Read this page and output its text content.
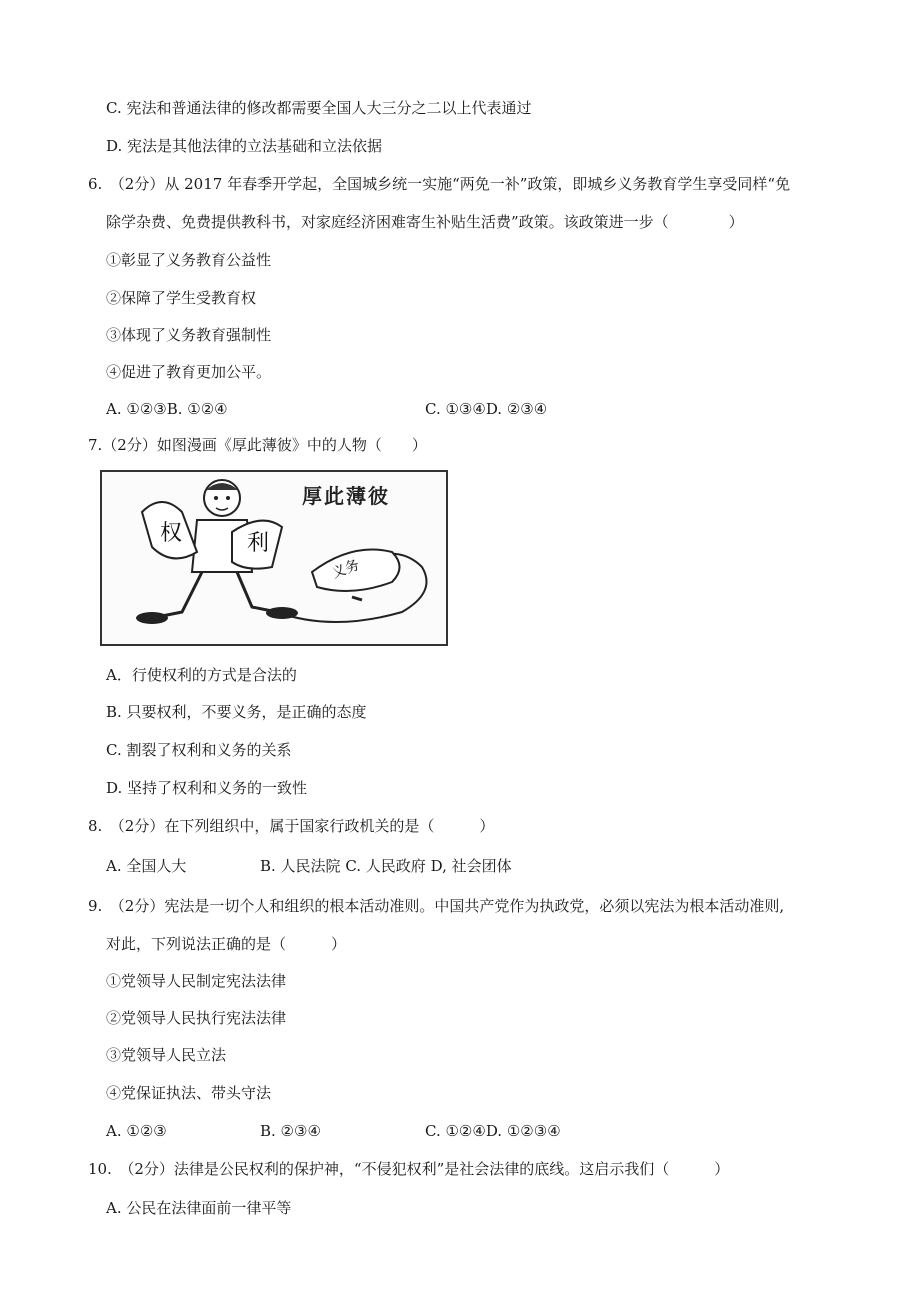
C. 宪法和普通法律的修改都需要全国人大三分之二以上代表通过
D. 宪法是其他法律的立法基础和立法依据
6.　（2分）从 2017 年春季开学起，全国城乡统一实施“两免一补”政策，即城乡义务教育学生享受同样“免
除学杂费、免费提供教科书，对家庭经济困难寄生补贴生活费”政策。该政策进一步（　　　　）
①彰显了义务教育公益性
②保障了学生受教育权
③体现了义务教育强制性
④促进了教育更加公平。
A. ①②③B. ①②④	C. ①③④D. ②③④
7.（2分）如图漫画《厚此薄彼》中的人物（　　）
权	利
义务
厚此薄彼
A．行使权利的方式是合法的
B. 只要权利，不要义务，是正确的态度
C. 割裂了权利和义务的关系
D. 坚持了权利和义务的一致性
8.　（2分）在下列组织中，属于国家行政机关的是（　　　）
A. 全国人大	B. 人民法院 C. 人民政府 D, 社会团体
9.　（2分）宪法是一切个人和组织的根本活动准则。中国共产党作为执政党，必须以宪法为根本活动准则,
对此，下列说法正确的是（　　　）
①党领导人民制定宪法法律
②党领导人民执行宪法法律
③党领导人民立法
④党保证执法、带头守法
A. ①②③	B. ②③④	C. ①②④D. ①②③④
10.　（2分）法律是公民权利的保护神，“不侵犯权利”是社会法律的底线。这启示我们（　　　）
A. 公民在法律面前一律平等
